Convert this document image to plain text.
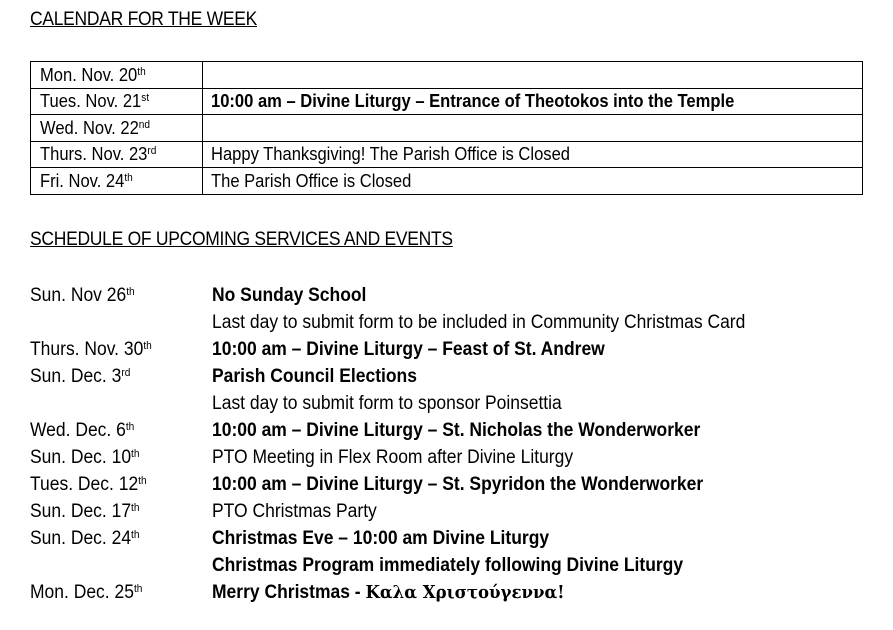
CALENDAR FOR THE WEEK
Mon. Nov. 20th	
Tues. Nov. 21st	10:00 am – Divine Liturgy – Entrance of Theotokos into the Temple
Wed. Nov. 22nd	
Thurs. Nov. 23rd	Happy Thanksgiving! The Parish Office is Closed
Fri. Nov. 24th	The Parish Office is Closed
SCHEDULE OF UPCOMING SERVICES AND EVENTS
Sun. Nov 26th	No Sunday School
Last day to submit form to be included in Community Christmas Card
Thurs. Nov. 30th	10:00 am – Divine Liturgy – Feast of St. Andrew
Sun. Dec. 3rd	Parish Council Elections
Last day to submit form to sponsor Poinsettia
Wed. Dec. 6th	10:00 am – Divine Liturgy – St. Nicholas the Wonderworker
Sun. Dec. 10th	PTO Meeting in Flex Room after Divine Liturgy
Tues. Dec. 12th	10:00 am – Divine Liturgy – St. Spyridon the Wonderworker
Sun. Dec. 17th	PTO Christmas Party
Sun. Dec. 24th	Christmas Eve – 10:00 am Divine Liturgy
Christmas Program immediately following Divine Liturgy
Mon. Dec. 25th	Merry Christmas - Καλα Χριστούγεννα!
